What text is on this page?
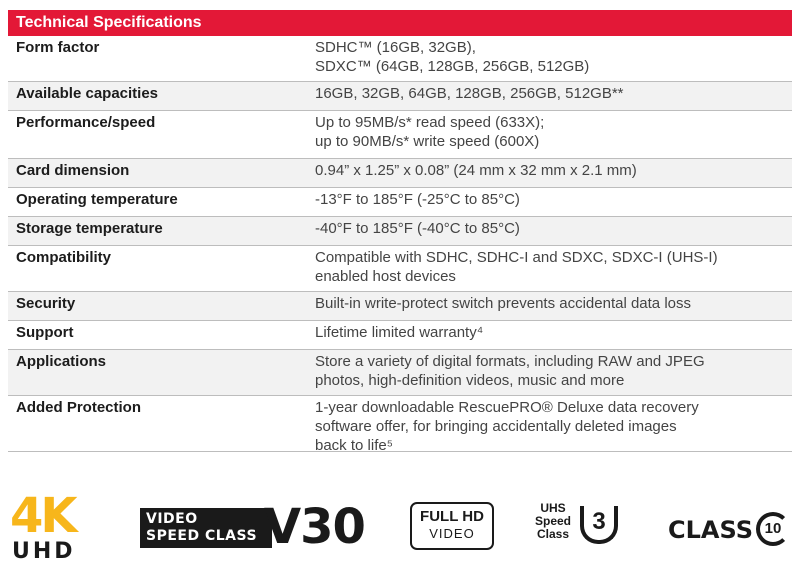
Technical Specifications
Form factor	SDHC™ (16GB, 32GB),
SDXC™ (64GB, 128GB, 256GB, 512GB)
Available capacities	16GB, 32GB, 64GB, 128GB, 256GB, 512GB**
Performance/speed	Up to 95MB/s* read speed (633X);
up to 90MB/s* write speed (600X)
Card dimension	0.94” x 1.25” x 0.08” (24 mm x 32 mm x 2.1 mm)
Operating temperature	-13°F to 185°F (-25°C to 85°C)
Storage temperature	-40°F to 185°F (-40°C to 85°C)
Compatibility	Compatible with SDHC, SDHC-I and SDXC, SDXC-I (UHS-I)
enabled host devices
Security	Built-in write-protect switch prevents accidental data loss
Support	Lifetime limited warranty⁴
Applications	Store a variety of digital formats, including RAW and JPEG
photos, high-definition videos, music and more
Added Protection	1-year downloadable RescuePRO® Deluxe data recovery
software offer, for bringing accidentally deleted images
back to life⁵
4K
UHD
VIDEO
SPEED CLASS V30	FULL HD
VIDEO
UHS
Speed
Class 3	CLASS 10
